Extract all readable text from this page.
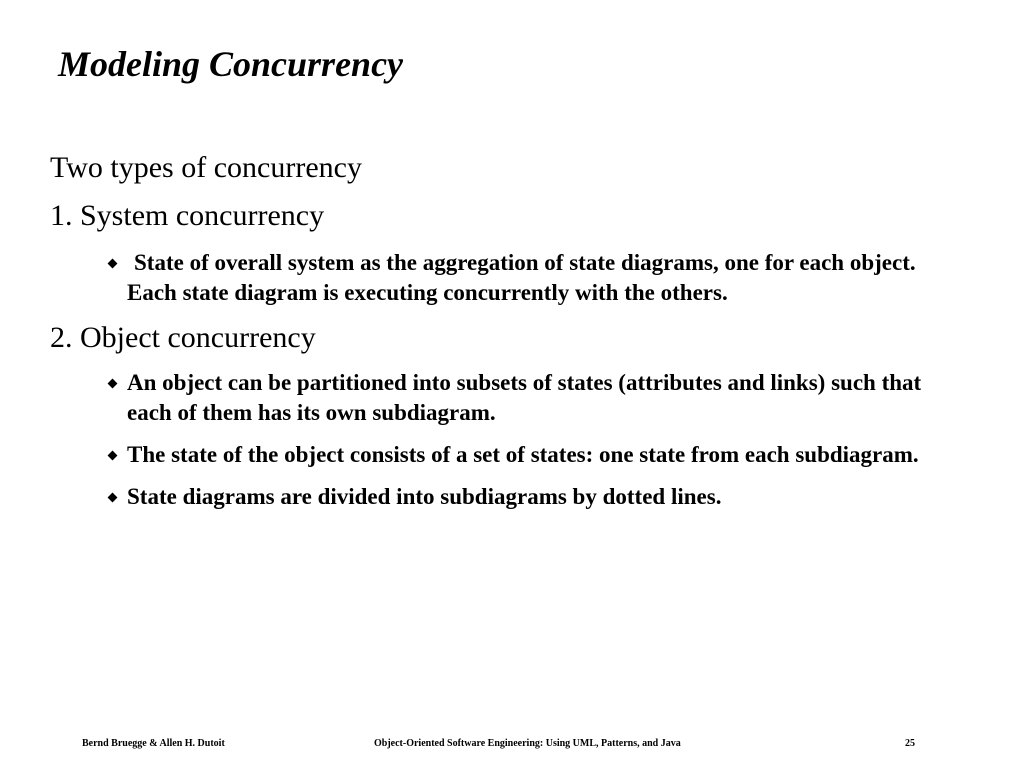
Modeling Concurrency

Two types of concurrency

1. System concurrency

State of overall system as the aggregation of state diagrams, one for each object. Each state diagram is executing concurrently with the others.

2. Object concurrency

An object can be partitioned into subsets of states (attributes and links) such that each of them has its own subdiagram.
The state of the object consists of a set of states: one state from each subdiagram.
State diagrams are divided into subdiagrams by dotted lines.

Bernd Bruegge & Allen H. Dutoit	Object-Oriented Software Engineering: Using UML, Patterns, and Java	25
